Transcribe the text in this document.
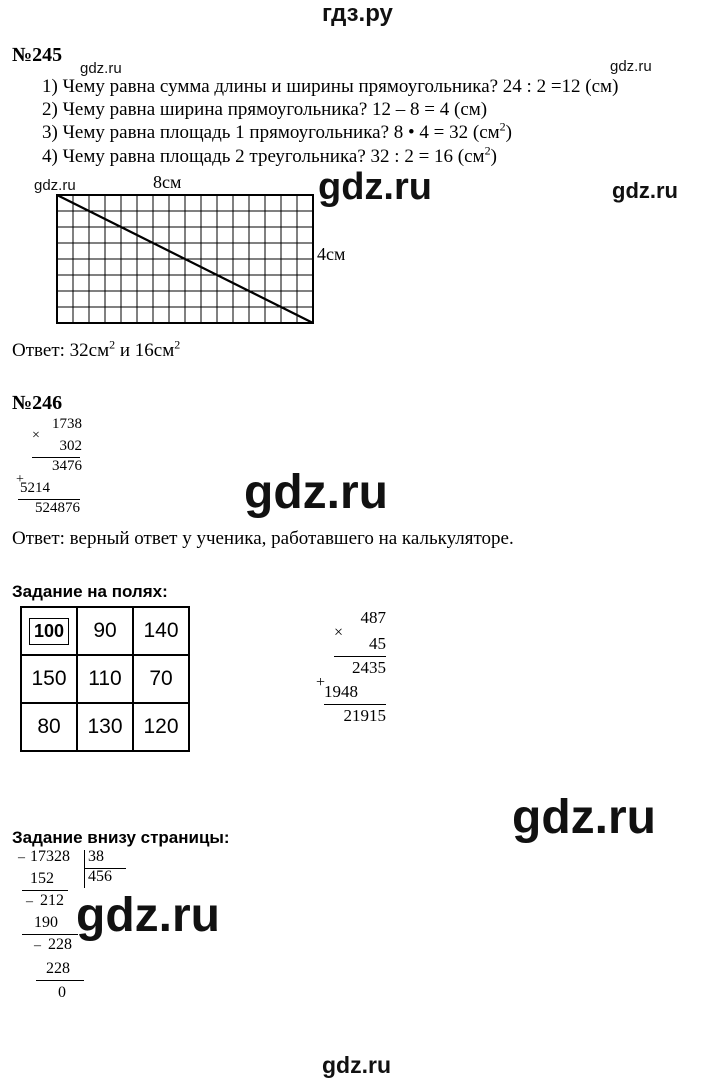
гдз.ру
№245
gdz.ru	gdz.ru
1) Чему равна сумма длины и ширины прямоугольника? 24 : 2 =12 (см)
2) Чему равна ширина прямоугольника? 12 – 8 = 4 (см)
3) Чему равна площадь 1 прямоугольника? 8 • 4 = 32 $(см^2)$
4) Чему равна площадь 2 треугольника? 32 : 2 = 16 $(см^2)$
gdz.ru	8см	gdz.ru	gdz.ru
4см
Ответ: $32см^2$ и $16см^2$
№246
1738
×
302
3476
+
5214
524876	gdz.ru
Ответ: верный ответ у ученика, работавшего на калькуляторе.
Задание на полях:
100	90	140
150	110	70
80	130	120
487
×
45
2435
+
1948
21915
gdz.ru
Задание внизу страницы:
– 17328 38
456
152
– 212
190
– 228
228
0
gdz.ru
gdz.ru
